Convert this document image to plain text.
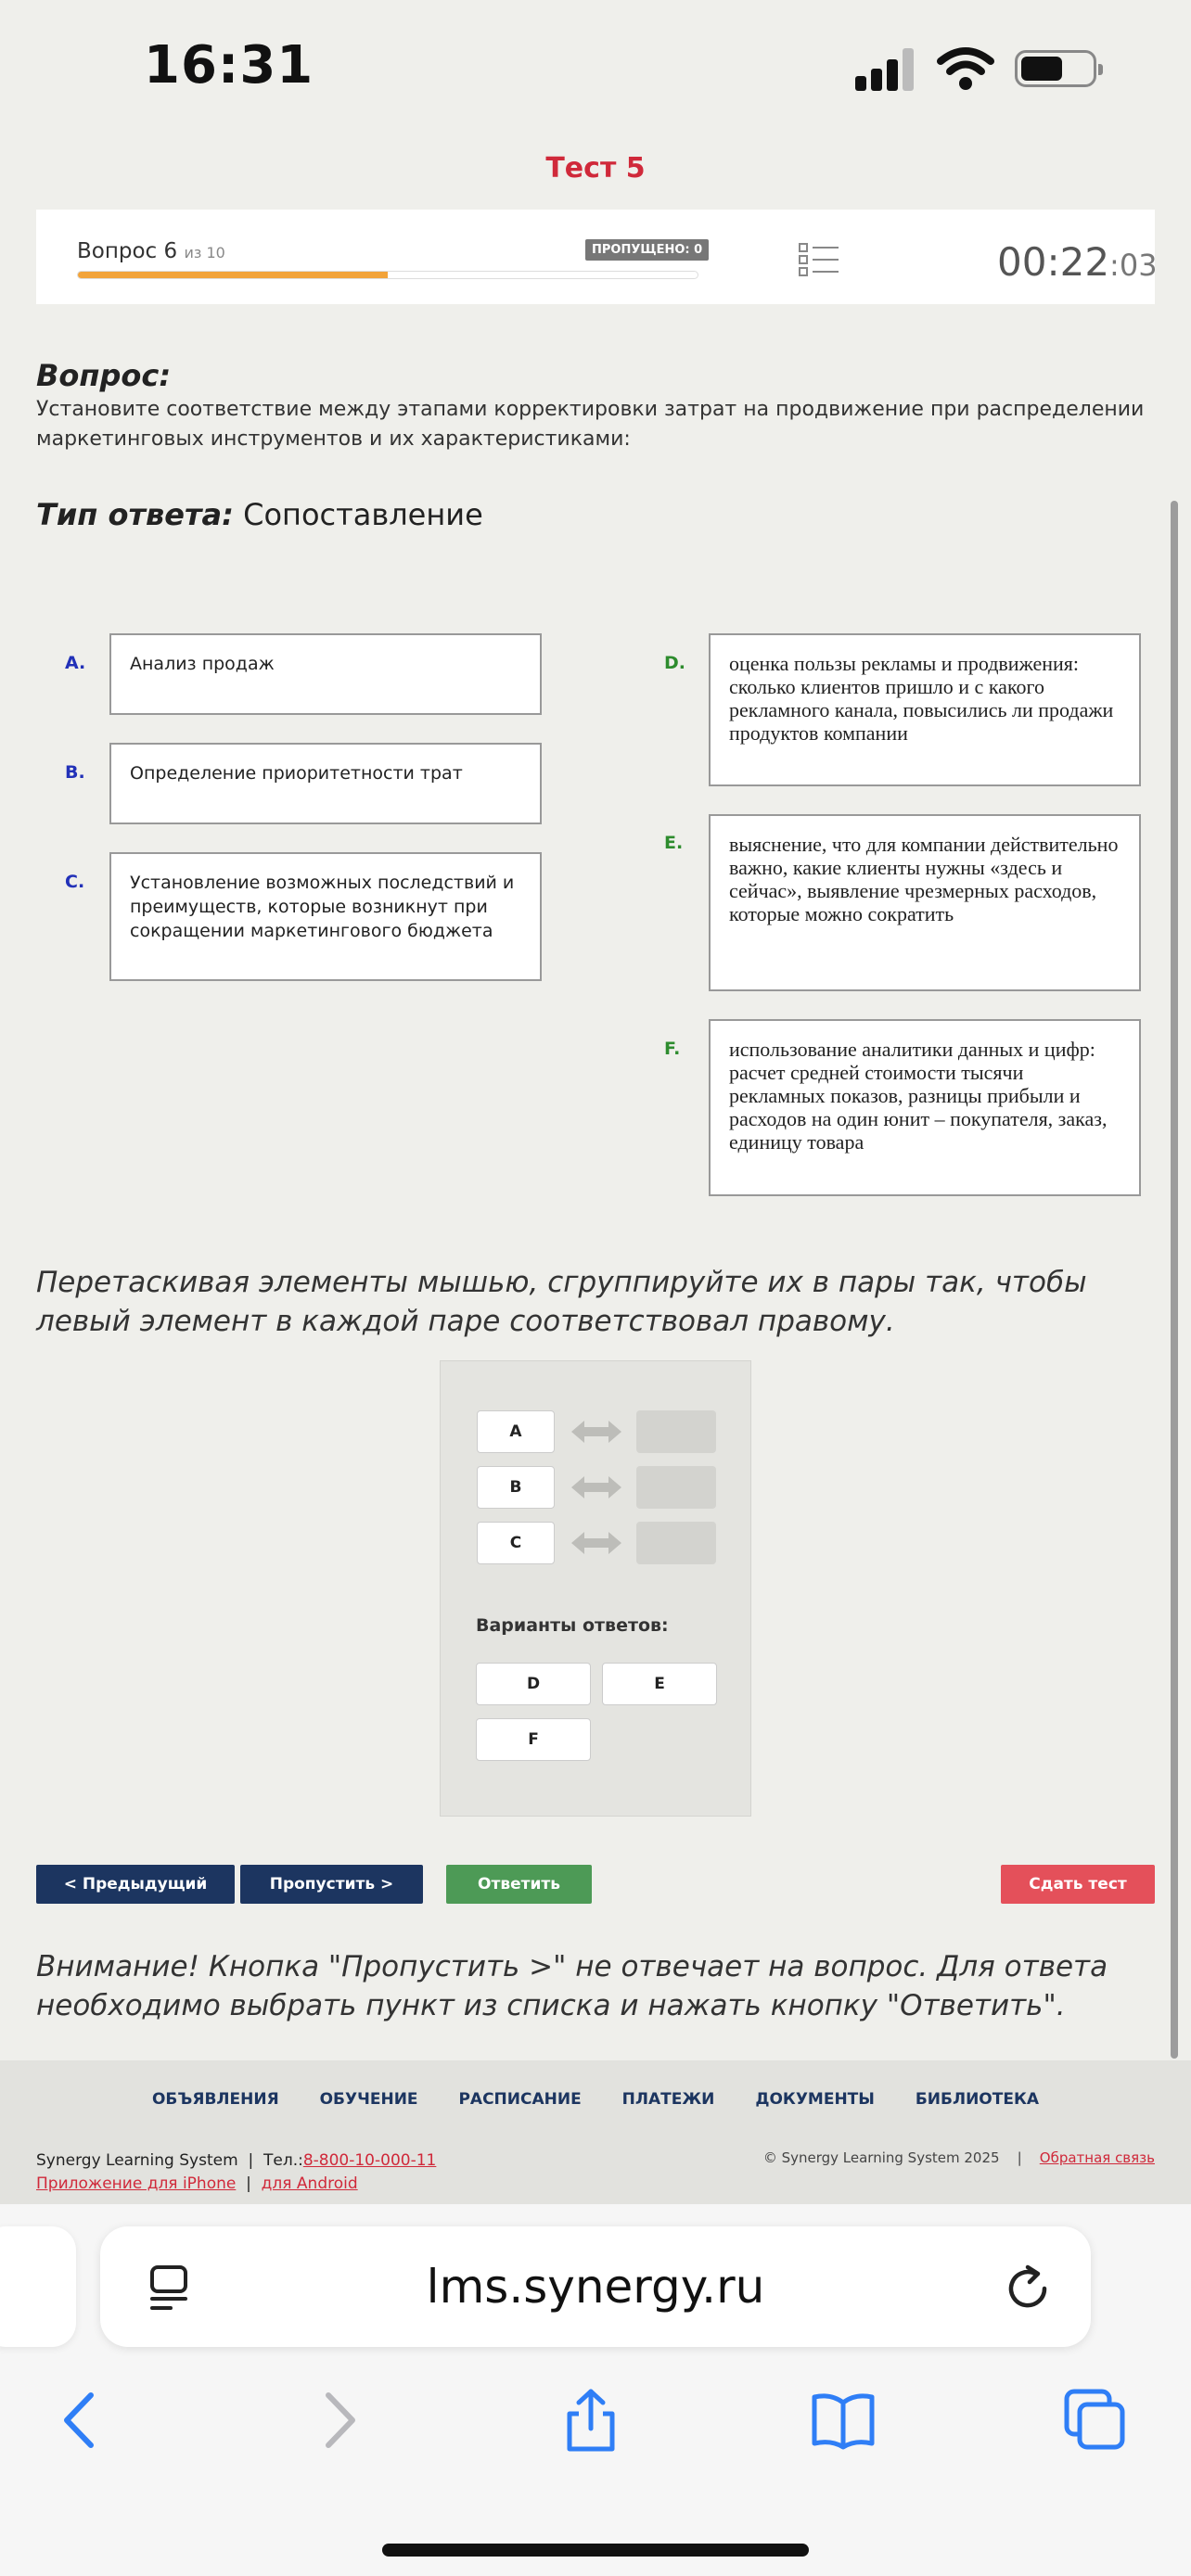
16:31
Тест 5
Вопрос 6 из 10	ПРОПУЩЕНО: 0	00:22:03
Вопрос:
Установите соответствие между этапами корректировки затрат на продвижение при распределении маркетинговых инструментов и их характеристиками:
Тип ответа: Сопоставление
A.	Анализ продаж
B.	Определение приоритетности трат
C.	Установление возможных последствий и преимуществ, которые возникнут при сокращении маркетингового бюджета
D.	оценка пользы рекламы и продвижения: сколько клиентов пришло и с какого рекламного канала, повысились ли продажи продуктов компании
E.	выяснение, что для компании действительно важно, какие клиенты нужны «здесь и сейчас», выявление чрезмерных расходов, которые можно сократить
F.	использование аналитики данных и цифр: расчет средней стоимости тысячи рекламных показов, разницы прибыли и расходов на один юнит – покупателя, заказ, единицу товара
Перетаскивая элементы мышью, сгруппируйте их в пары так, чтобы левый элемент в каждой паре соответствовал правому.
A
B
C
Варианты ответов:
D	E
F
< Предыдущий	Пропустить >	Ответить	Сдать тест
Внимание! Кнопка "Пропустить >" не отвечает на вопрос. Для ответа необходимо выбрать пункт из списка и нажать кнопку "Ответить".
ОБЪЯВЛЕНИЯ	ОБУЧЕНИЕ	РАСПИСАНИЕ	ПЛАТЕЖИ	ДОКУМЕНТЫ	БИБЛИОТЕКА
Synergy Learning System  |  Тел.:8-800-10-000-11
Приложение для iPhone  |  для Android
© Synergy Learning System 2025    |    Обратная связь
lms.synergy.ru
